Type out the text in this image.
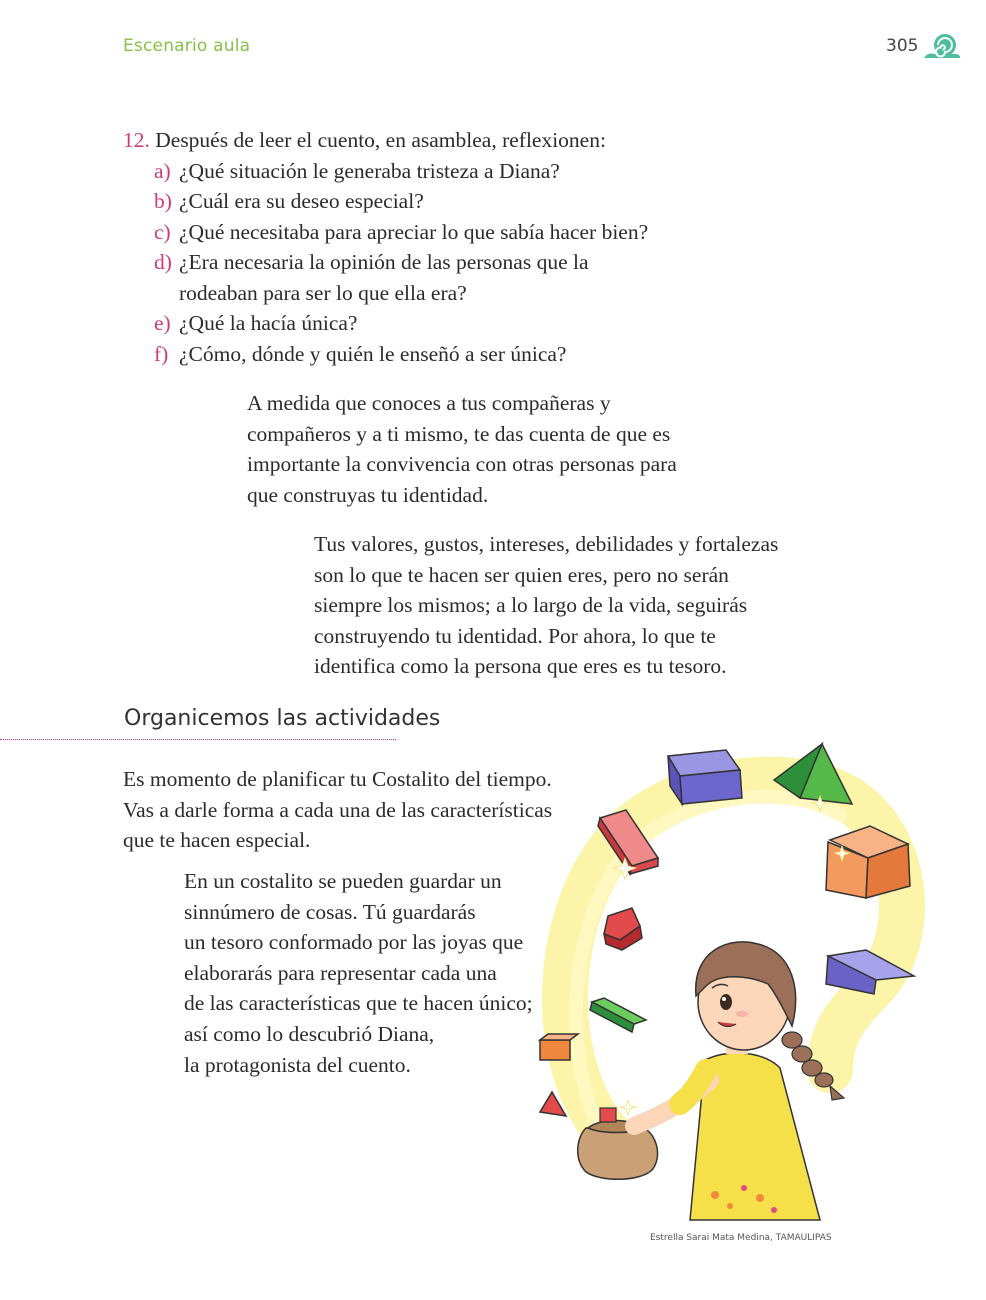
Escenario aula	305
12. Después de leer el cuento, en asamblea, reflexionen:
a) ¿Qué situación le generaba tristeza a Diana?
b) ¿Cuál era su deseo especial?
c) ¿Qué necesitaba para apreciar lo que sabía hacer bien?
d) ¿Era necesaria la opinión de las personas que la
rodeaban para ser lo que ella era?
e) ¿Qué la hacía única?
f) ¿Cómo, dónde y quién le enseñó a ser única?
A medida que conoces a tus compañeras y
compañeros y a ti mismo, te das cuenta de que es
importante la convivencia con otras personas para
que construyas tu identidad.
Tus valores, gustos, intereses, debilidades y fortalezas
son lo que te hacen ser quien eres, pero no serán
siempre los mismos; a lo largo de la vida, seguirás
construyendo tu identidad. Por ahora, lo que te
identifica como la persona que eres es tu tesoro.
Organicemos las actividades
Es momento de planificar tu Costalito del tiempo.
Vas a darle forma a cada una de las características
que te hacen especial.
En un costalito se pueden guardar un
sinnúmero de cosas. Tú guardarás
un tesoro conformado por las joyas que
elaborarás para representar cada una
de las características que te hacen único;
así como lo descubrió Diana,
la protagonista del cuento.
Estrella Sarai Mata Medina, TAMAULIPAS
